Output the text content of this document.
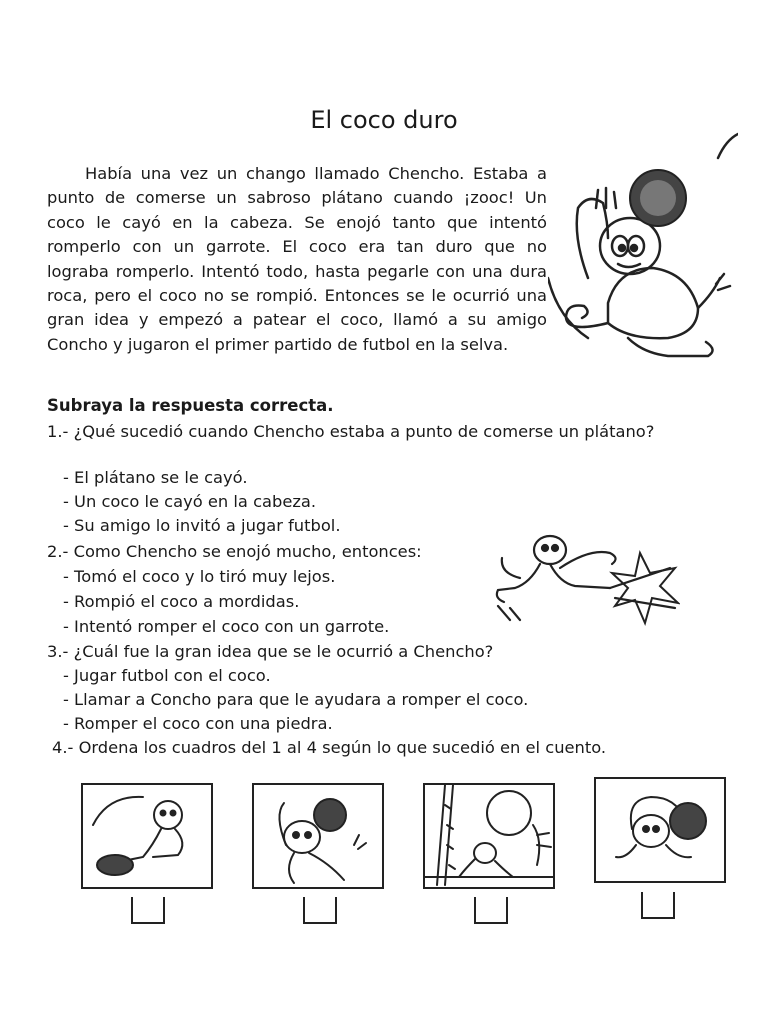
El coco duro

Había una vez un chango llamado Chencho. Estaba a punto de comerse un sabroso plátano cuando ¡zooc! Un coco le cayó en la cabeza. Se enojó tanto que intentó romperlo con un garrote. El coco era tan duro que no lograba romperlo. Intentó todo, hasta pegarle con una dura roca, pero el coco no se rompió. Entonces se le ocurrió una gran idea y empezó a patear el coco, llamó a su amigo Concho y jugaron el primer partido de futbol en la selva.

Subraya la respuesta correcta.
1.- ¿Qué sucedió cuando Chencho estaba a punto de comerse un plátano?
- El plátano se le cayó.
- Un coco le cayó en la cabeza.
- Su amigo lo invitó a jugar futbol.
2.- Como Chencho se enojó mucho, entonces:
- Tomó el coco y lo tiró muy lejos.
- Rompió el coco a mordidas.
- Intentó romper el coco con un garrote.
3.- ¿Cuál fue la gran idea que se le ocurrió a Chencho?
- Jugar futbol con el coco.
- Llamar a Concho para que le ayudara a romper el coco.
- Romper el coco con una piedra.
4.- Ordena los cuadros del 1 al 4 según lo que sucedió en el cuento.
